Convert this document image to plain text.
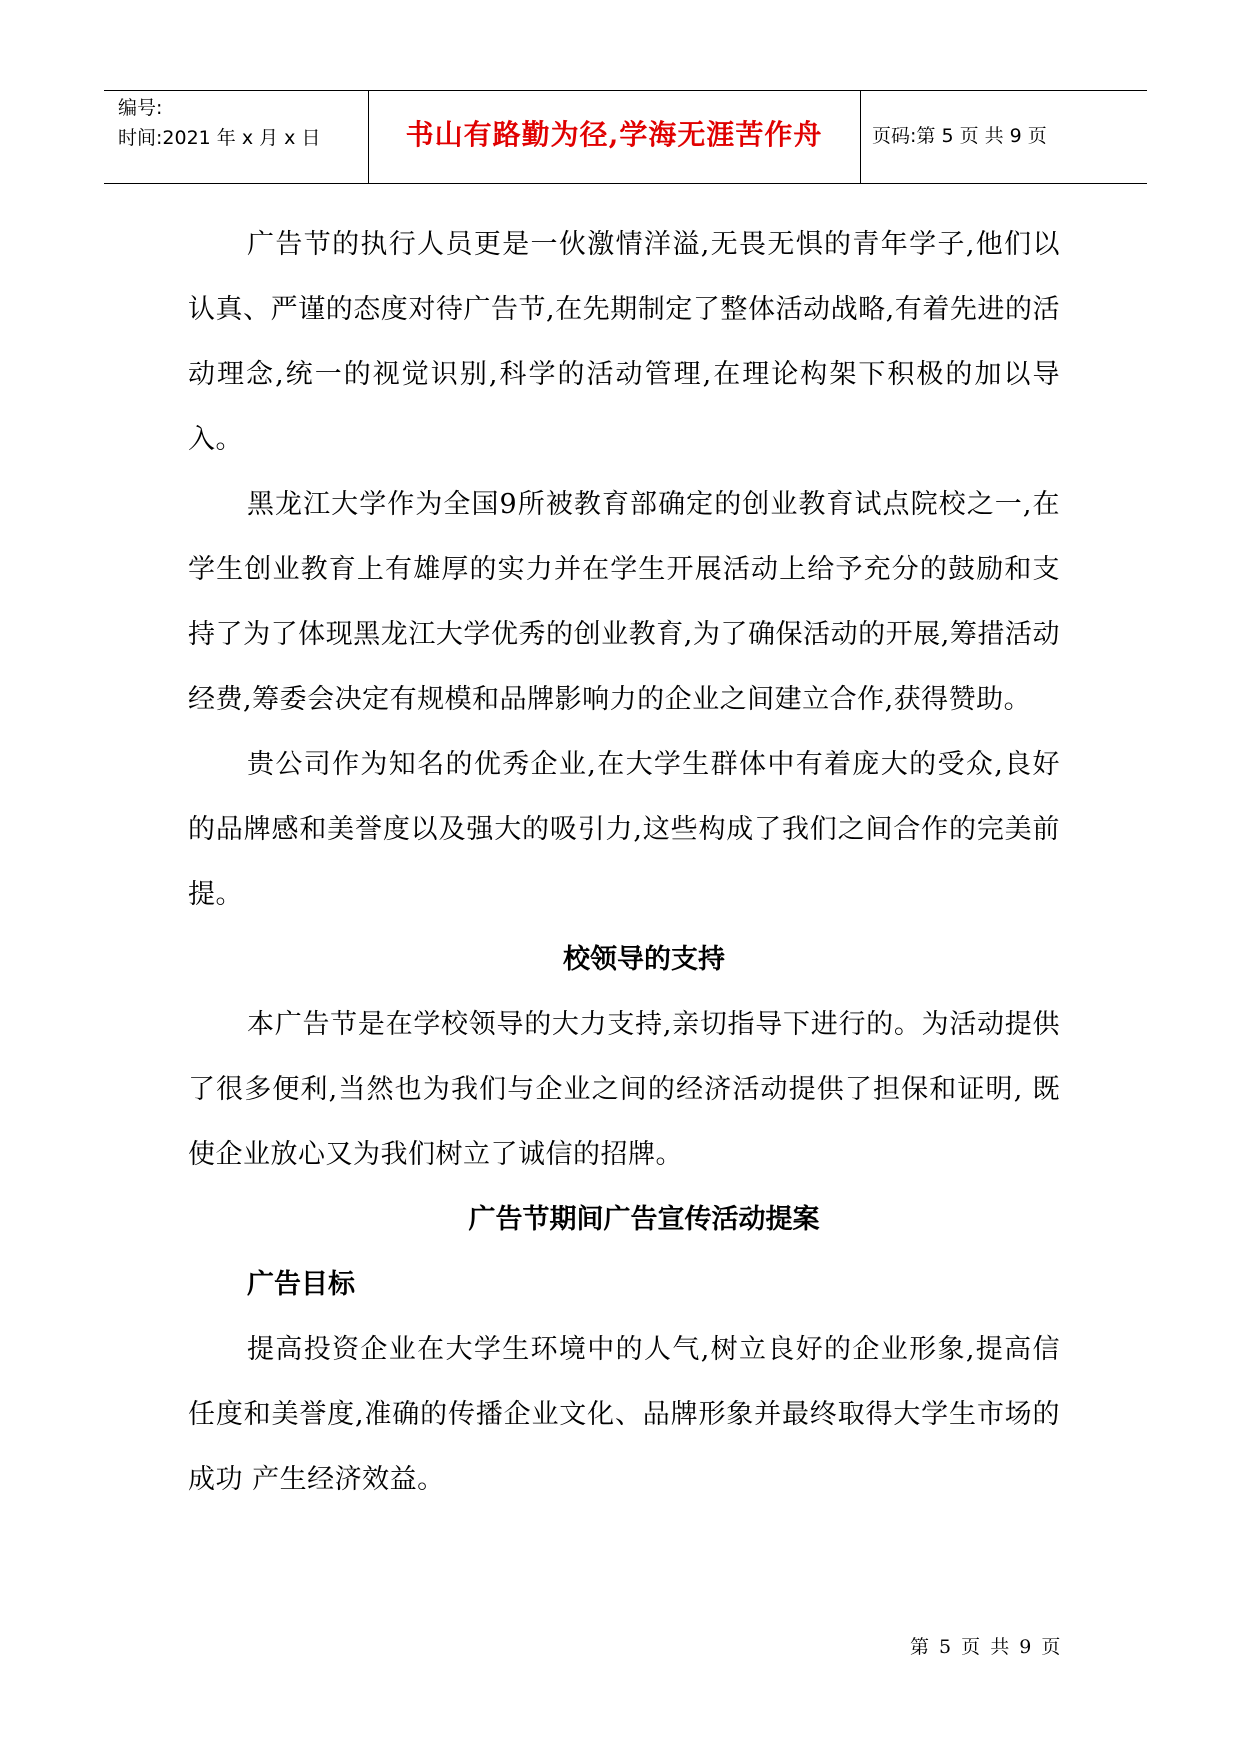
编号:
时间:2021 年 x 月 x 日	书山有路勤为径,学海无涯苦作舟	页码:第 5 页 共 9 页

广告节的执行人员更是一伙激情洋溢,无畏无惧的青年学子,他们以认真、严谨的态度对待广告节,在先期制定了整体活动战略,有着先进的活动理念,统一的视觉识别,科学的活动管理,在理论构架下积极的加以导入。

黑龙江大学作为全国9所被教育部确定的创业教育试点院校之一,在学生创业教育上有雄厚的实力并在学生开展活动上给予充分的鼓励和支持了为了体现黑龙江大学优秀的创业教育,为了确保活动的开展,筹措活动经费,筹委会决定有规模和品牌影响力的企业之间建立合作,获得赞助。

贵公司作为知名的优秀企业,在大学生群体中有着庞大的受众,良好的品牌感和美誉度以及强大的吸引力,这些构成了我们之间合作的完美前提。

校领导的支持

本广告节是在学校领导的大力支持,亲切指导下进行的。为活动提供了很多便利,当然也为我们与企业之间的经济活动提供了担保和证明, 既使企业放心又为我们树立了诚信的招牌。

广告节期间广告宣传活动提案

广告目标

提高投资企业在大学生环境中的人气,树立良好的企业形象,提高信任度和美誉度,准确的传播企业文化、品牌形象并最终取得大学生市场的成功 产生经济效益。

第 5 页 共 9 页
